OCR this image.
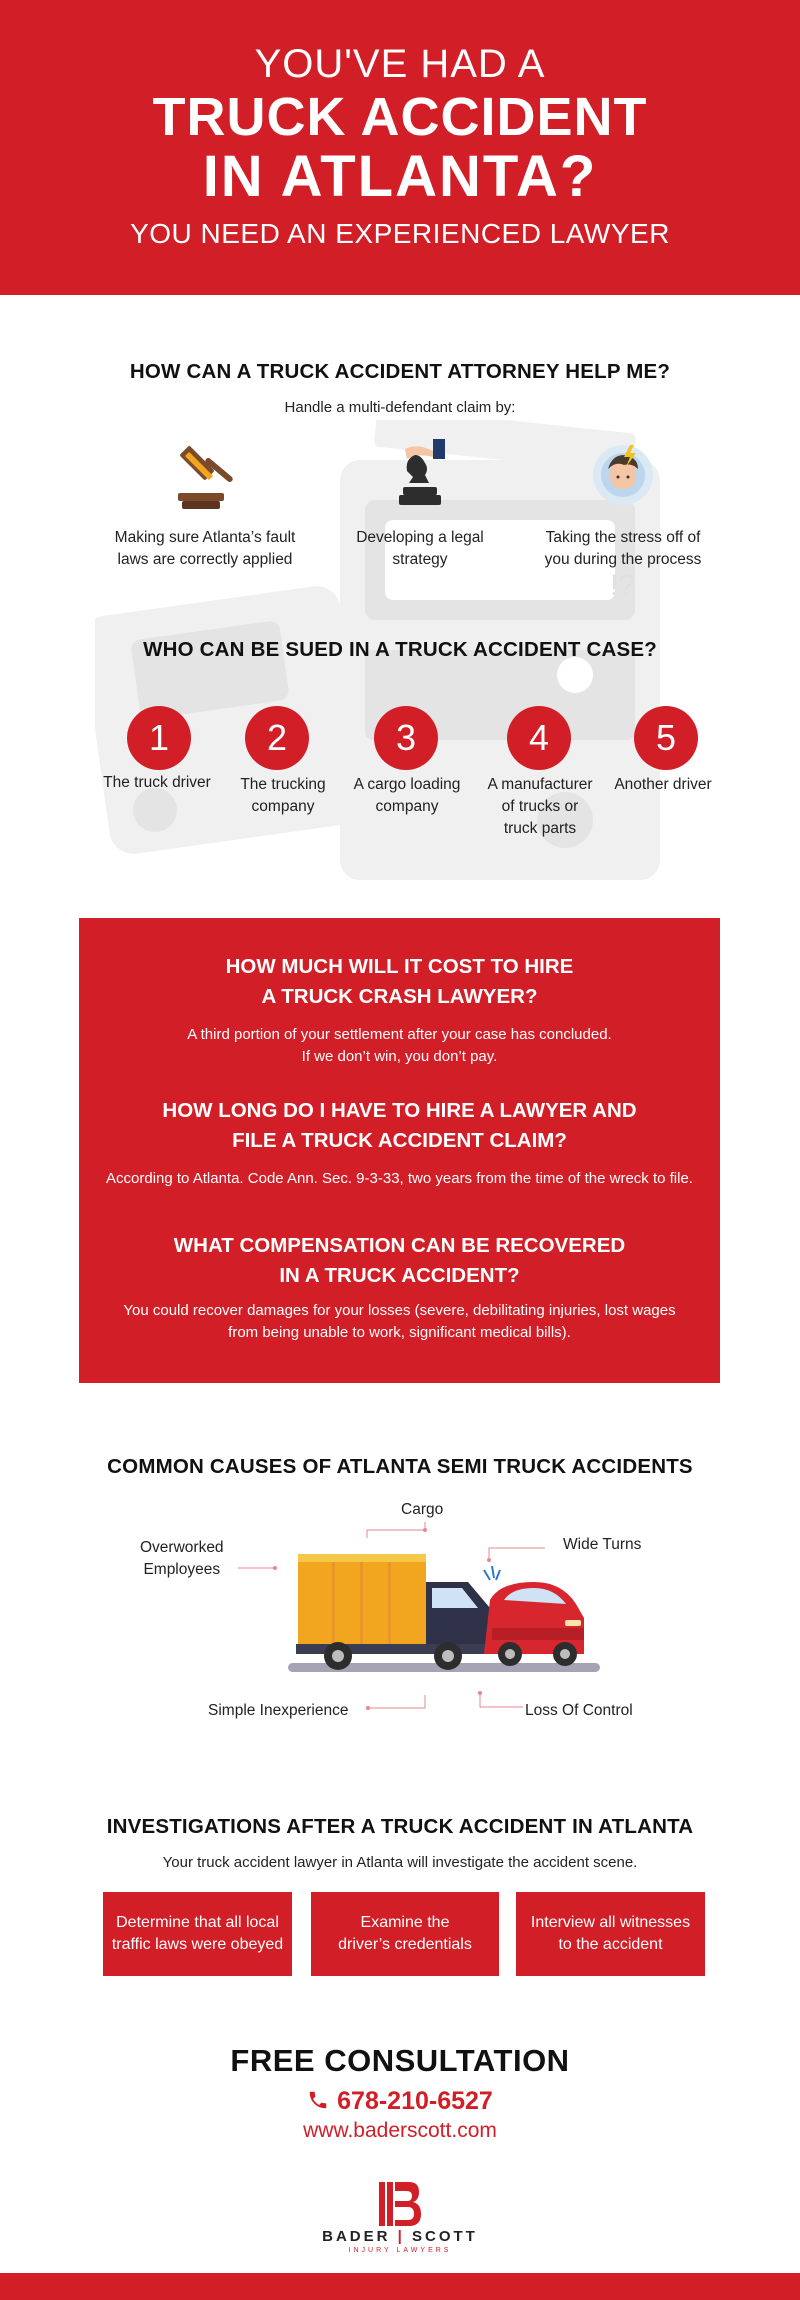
YOU'VE HAD A
TRUCK ACCIDENT
IN ATLANTA?
YOU NEED AN EXPERIENCED LAWYER
!?
HOW CAN A TRUCK ACCIDENT ATTORNEY HELP ME?
Handle a multi-defendant claim by:
Making sure Atlanta’s fault
laws are correctly applied
Developing a legal
strategy
Taking the stress off of
you during the process
WHO CAN BE SUED IN A TRUCK ACCIDENT CASE?
1	2	3	4	5
The truck driver	The trucking
company
A cargo loading
company
A manufacturer
of trucks or
truck parts
Another driver
HOW MUCH WILL IT COST TO HIRE
A TRUCK CRASH LAWYER?
A third portion of your settlement after your case has concluded.
If we don’t win, you don’t pay.
HOW LONG DO I HAVE TO HIRE A LAWYER AND
FILE A TRUCK ACCIDENT CLAIM?
According to Atlanta. Code Ann. Sec. 9-3-33, two years from the time of the wreck to file.
WHAT COMPENSATION CAN BE RECOVERED
IN A TRUCK ACCIDENT?
You could recover damages for your losses (severe, debilitating injuries, lost wages
from being unable to work, significant medical bills).
COMMON CAUSES OF ATLANTA SEMI TRUCK ACCIDENTS
Cargo
Wide Turns
Overworked
Employees
Simple Inexperience	Loss Of Control
INVESTIGATIONS AFTER A TRUCK ACCIDENT IN ATLANTA
Your truck accident lawyer in Atlanta will investigate the accident scene.
Determine that all local
traffic laws were obeyed
Examine the
driver’s credentials
Interview all witnesses
to the accident
FREE CONSULTATION
678-210-6527
www.baderscott.com
BADER | SCOTT
INJURY LAWYERS
